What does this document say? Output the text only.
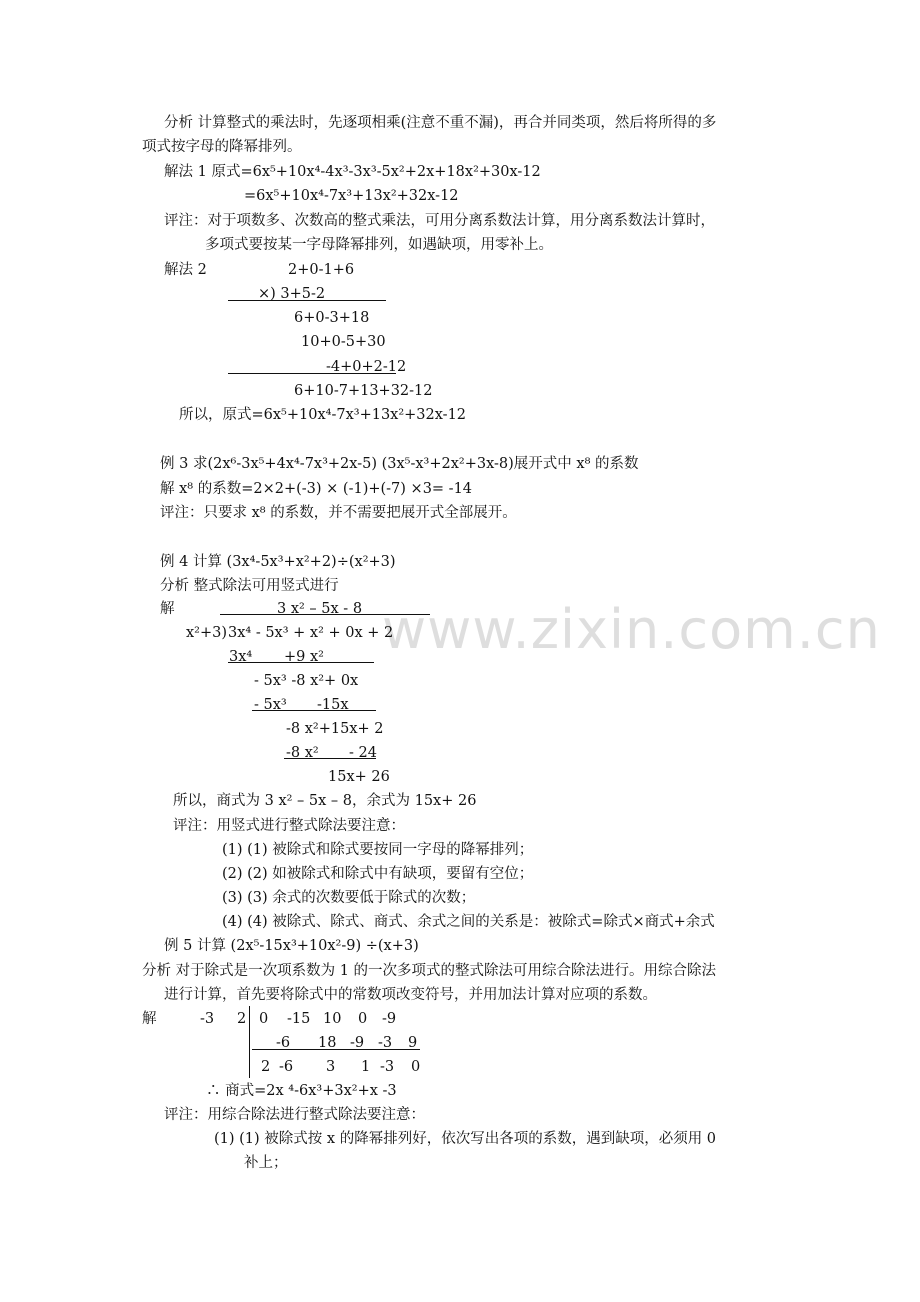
www.zixin.com.cn
分析 计算整式的乘法时，先逐项相乘(注意不重不漏)，再合并同类项，然后将所得的多
项式按字母的降幂排列。
解法 1 原式=6x⁵+10x⁴-4x³-3x³-5x²+2x+18x²+30x-12
=6x⁵+10x⁴-7x³+13x²+32x-12
评注：对于项数多、次数高的整式乘法，可用分离系数法计算，用分离系数法计算时，
多项式要按某一字母降幂排列，如遇缺项，用零补上。
解法 2	2+0-1+6
×) 3+5-2
6+0-3+18
10+0-5+30
-4+0+2-12
6+10-7+13+32-12
所以，原式=6x⁵+10x⁴-7x³+13x²+32x-12
例 3 求(2x⁶-3x⁵+4x⁴-7x³+2x-5) (3x⁵-x³+2x²+3x-8)展开式中 x⁸ 的系数
解 x⁸ 的系数=2×2+(-3) × (-1)+(-7) ×3= -14
评注：只要求 x⁸ 的系数，并不需要把展开式全部展开。
例 4 计算 (3x⁴-5x³+x²+2)÷(x²+3)
分析 整式除法可用竖式进行
解	3 x² – 5x - 8
x²+3) 3x⁴ - 5x³ + x² + 0x + 2
3x⁴ +9 x²
- 5x³ -8 x²+ 0x
- 5x³ -15x
-8 x²+15x+ 2
-8 x² - 24
15x+ 26
所以，商式为 3 x² – 5x – 8，余式为 15x+ 26
评注：用竖式进行整式除法要注意：
(1) (1) 被除式和除式要按同一字母的降幂排列；
(2) (2) 如被除式和除式中有缺项，要留有空位；
(3) (3) 余式的次数要低于除式的次数；
(4) (4) 被除式、除式、商式、余式之间的关系是：被除式=除式×商式+余式
例 5 计算 (2x⁵-15x³+10x²-9) ÷(x+3)
分析 对于除式是一次项系数为 1 的一次多项式的整式除法可用综合除法进行。用综合除法
进行计算，首先要将除式中的常数项改变符号，并用加法计算对应项的系数。
解	-3 2 0 -15 10 0 -9
-6 18 -9 -3 9
2 -6 3 1 -3 0
∴ 商式=2x ⁴-6x³+3x²+x -3
评注：用综合除法进行整式除法要注意：
(1) (1) 被除式按 x 的降幂排列好，依次写出各项的系数，遇到缺项，必须用 0
补上；
